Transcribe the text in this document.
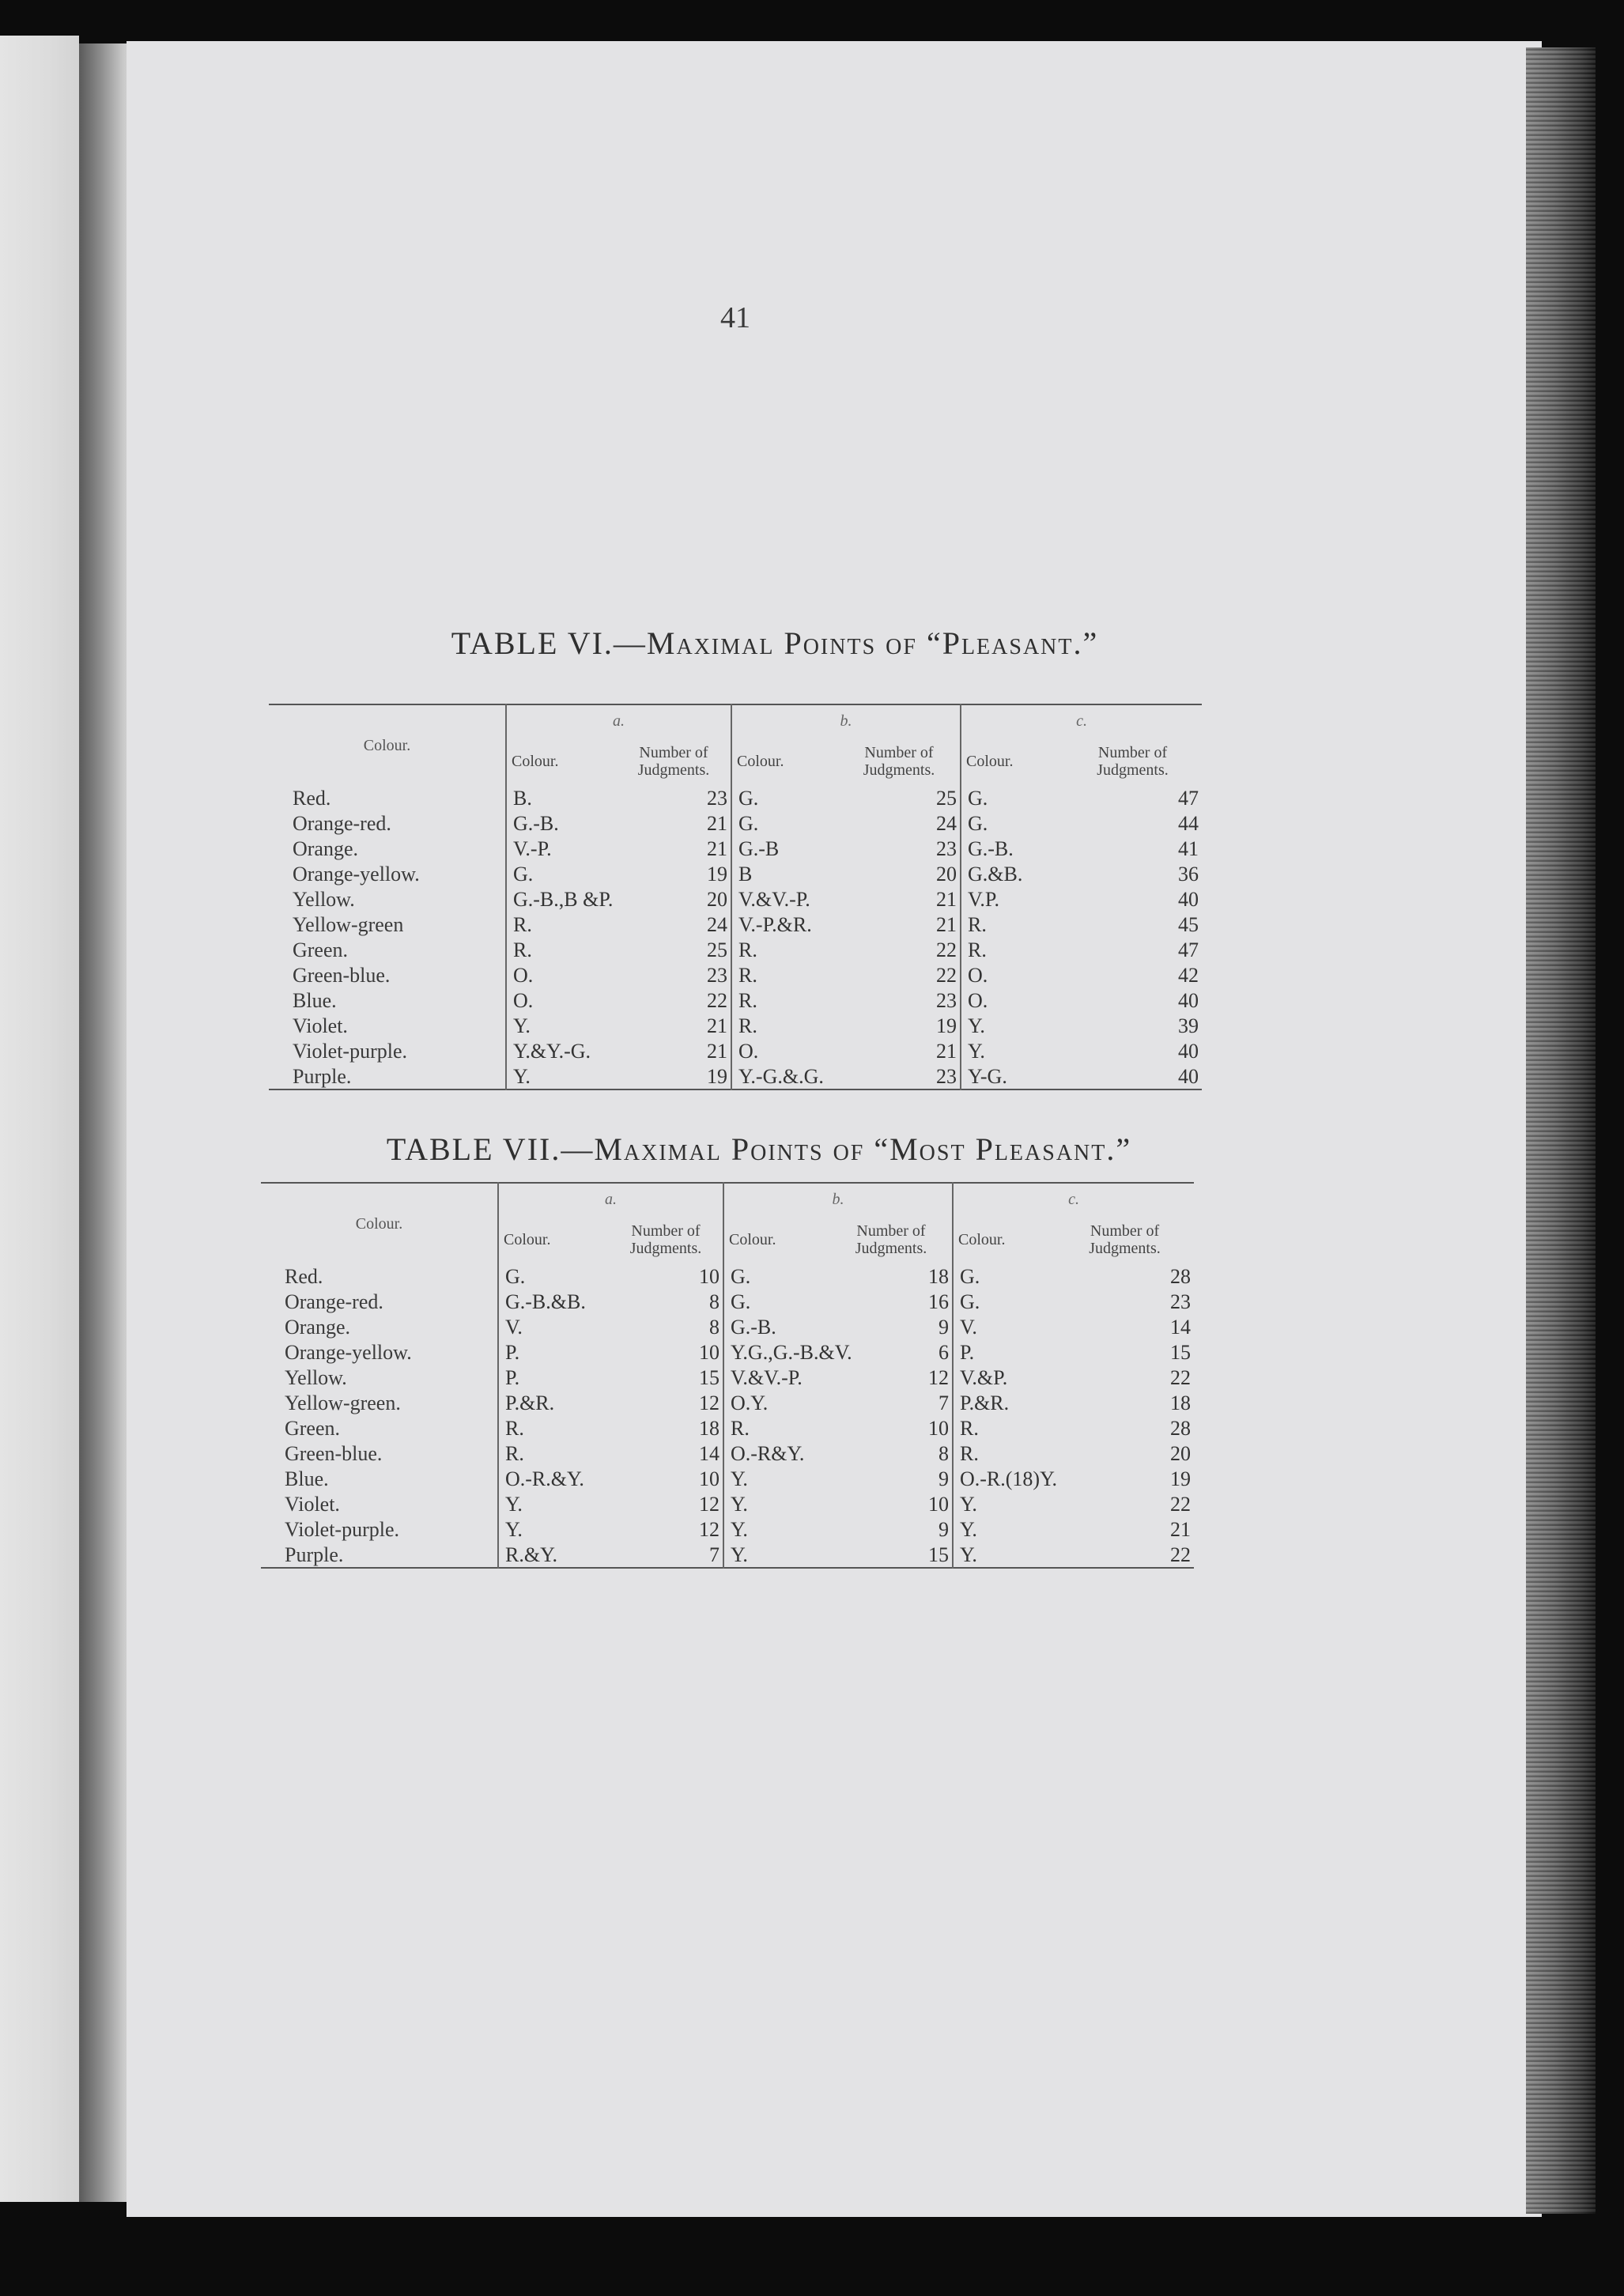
41
TABLE VI.—Maximal Points of “Pleasant.”
Colour.	a.		b.		c.	
	Colour.	Number of
Judgments.	Colour.	Number of
Judgments.	Colour.	Number of
Judgments.
Red.	B.	23	G.	25	G.	47
Orange-red.	G.-B.	21	G.	24	G.	44
Orange.	V.-P.	21	G.-B	23	G.-B.	41
Orange-yellow.	G.	19	B	20	G.&B.	36
Yellow.	G.-B.,B &P.	20	V.&V.-P.	21	V.P.	40
Yellow-green	R.	24	V.-P.&R.	21	R.	45
Green.	R.	25	R.	22	R.	47
Green-blue.	O.	23	R.	22	O.	42
Blue.	O.	22	R.	23	O.	40
Violet.	Y.	21	R.	19	Y.	39
Violet-purple.	Y.&Y.-G.	21	O.	21	Y.	40
Purple.	Y.	19	Y.-G.&.G.	23	Y-G.	40
TABLE VII.—Maximal Points of “Most Pleasant.”
Colour.	a.		b.		c.	
	Colour.	Number of
Judgments.	Colour.	Number of
Judgments.	Colour.	Number of
Judgments.
Red.	G.	10	G.	18	G.	28
Orange-red.	G.-B.&B.	8	G.	16	G.	23
Orange.	V.	8	G.-B.	9	V.	14
Orange-yellow.	P.	10	Y.G.,G.-B.&V.	6	P.	15
Yellow.	P.	15	V.&V.-P.	12	V.&P.	22
Yellow-green.	P.&R.	12	O.Y.	7	P.&R.	18
Green.	R.	18	R.	10	R.	28
Green-blue.	R.	14	O.-R&Y.	8	R.	20
Blue.	O.-R.&Y.	10	Y.	9	O.-R.(18)Y.	19
Violet.	Y.	12	Y.	10	Y.	22
Violet-purple.	Y.	12	Y.	9	Y.	21
Purple.	R.&Y.	7	Y.	15	Y.	22
